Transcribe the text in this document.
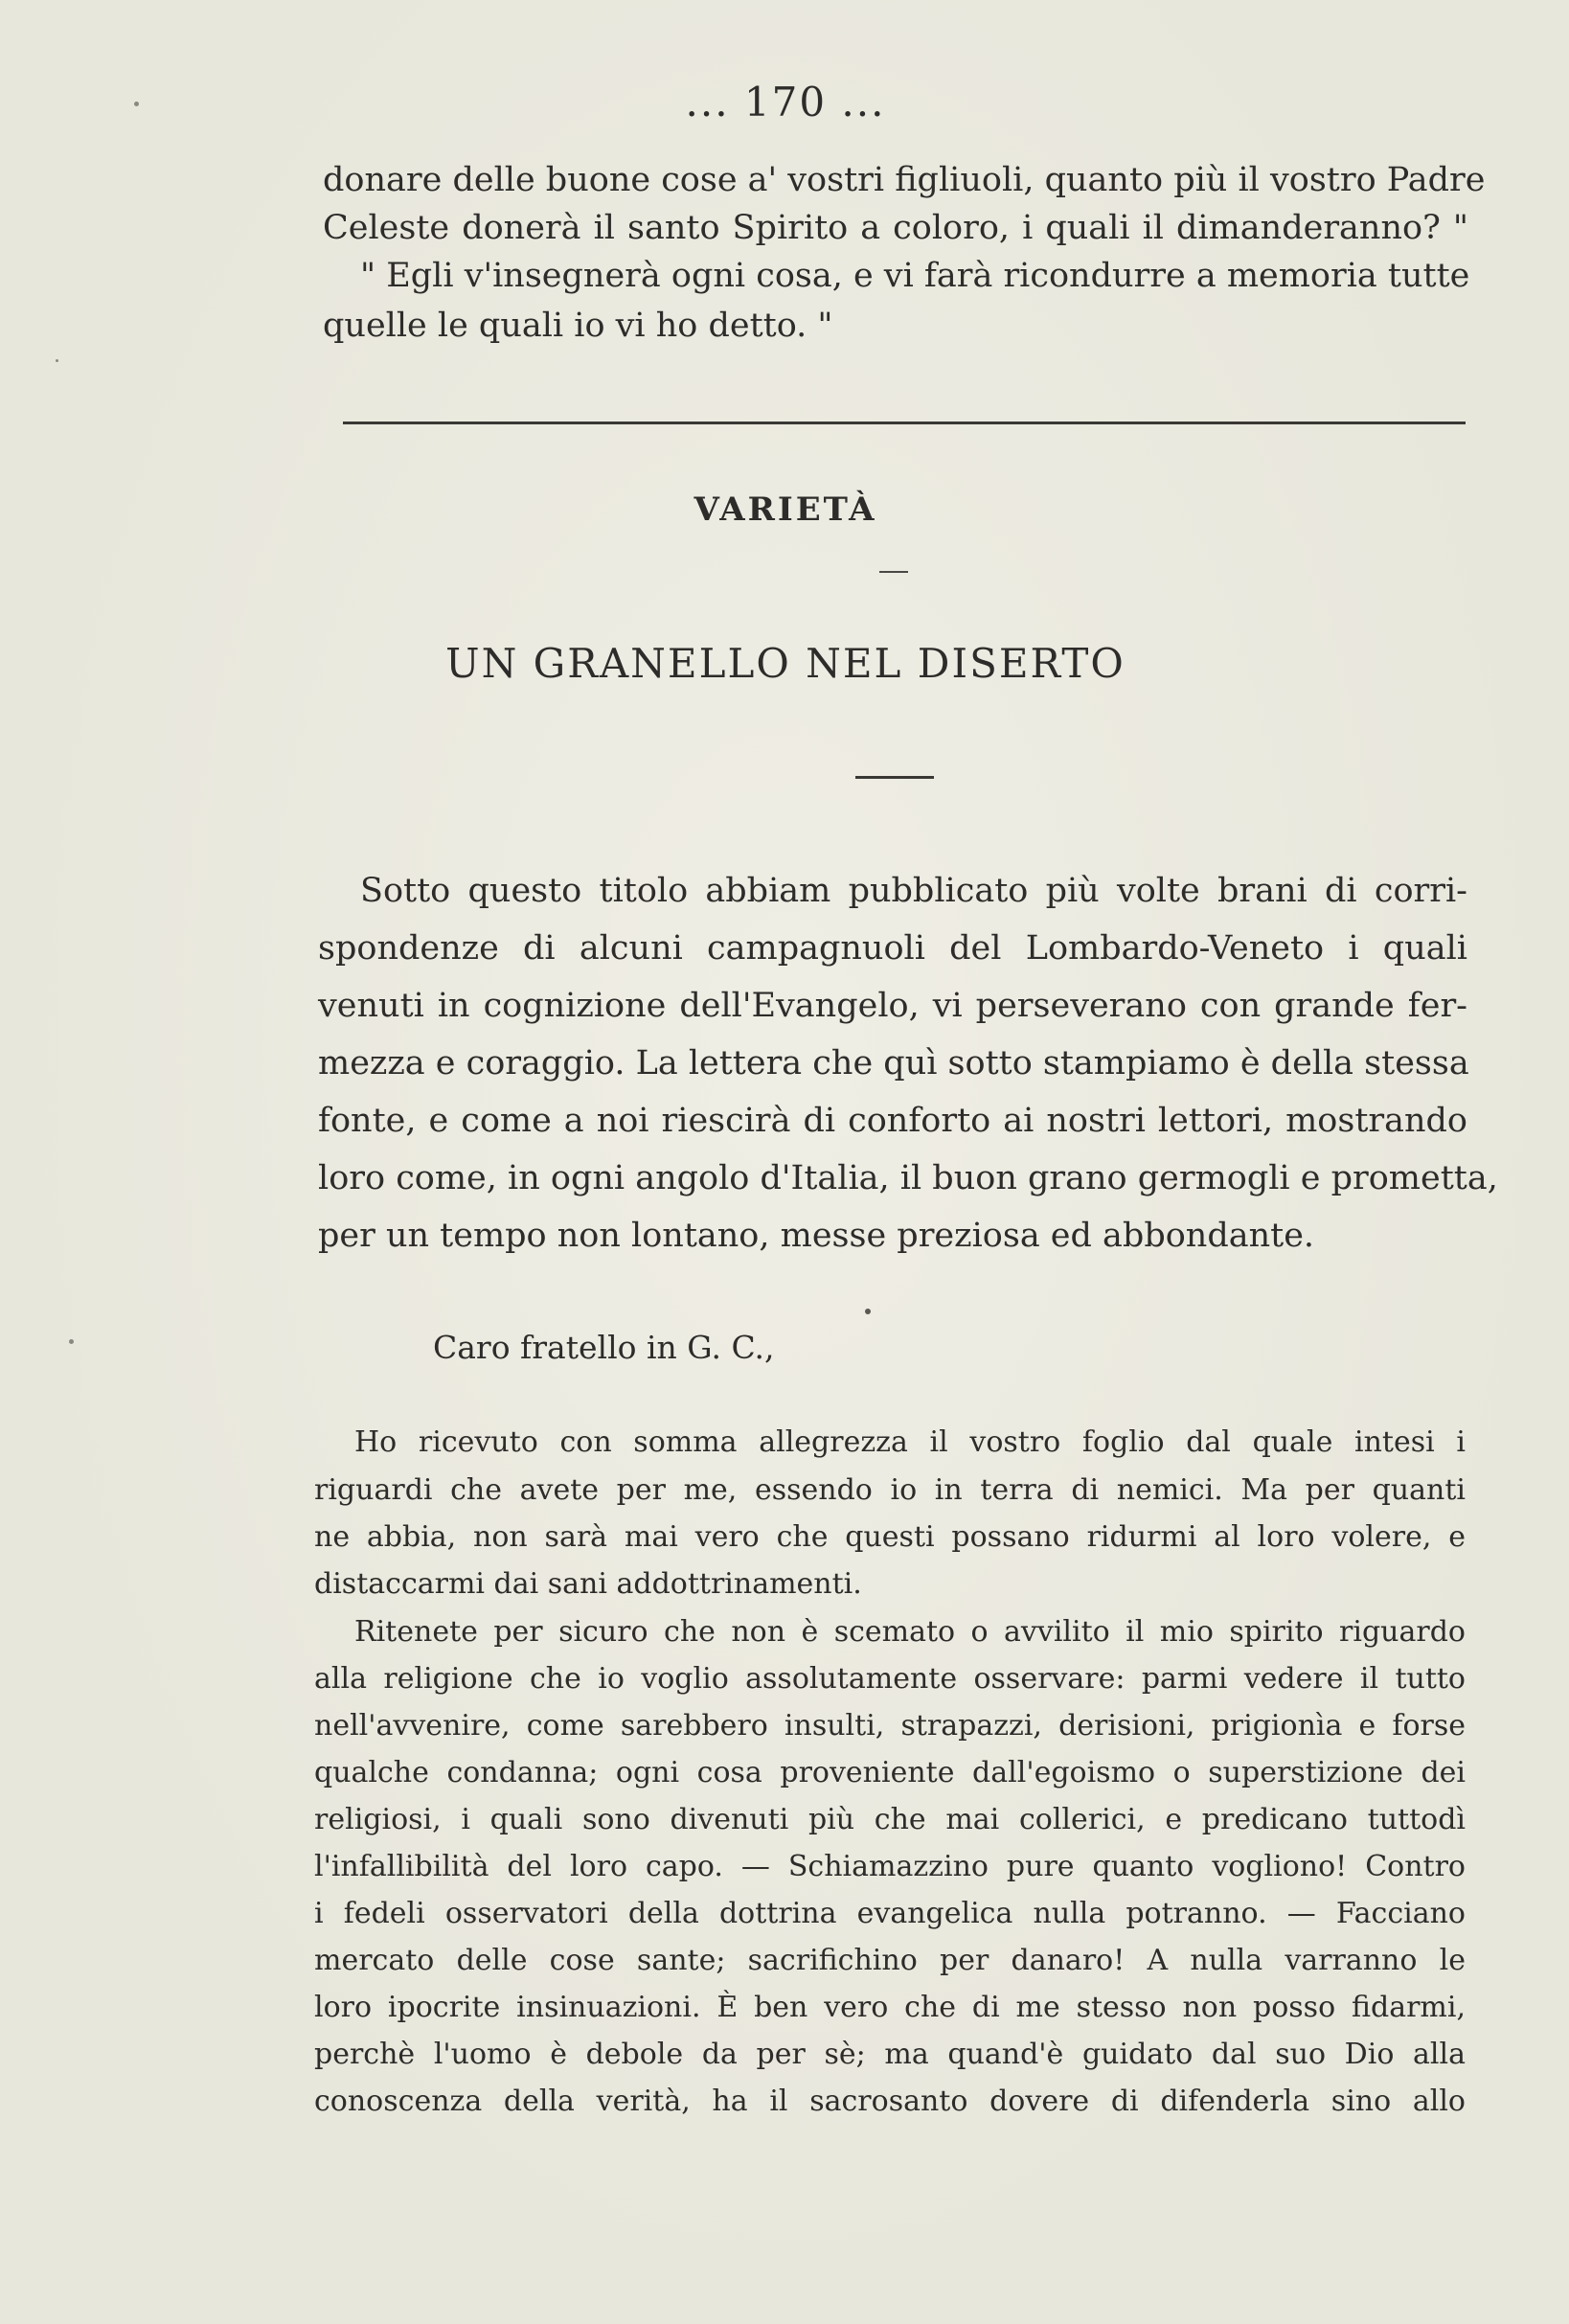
... 170 ...
donare delle buone cose a' vostri figliuoli, quanto più il vostro Padre
Celeste donerà il santo Spirito a coloro, i quali il dimanderanno? "
" Egli v'insegnerà ogni cosa, e vi farà ricondurre a memoria tutte
quelle le quali io vi ho detto. "
VARIETÀ
UN GRANELLO NEL DISERTO
Sotto questo titolo abbiam pubblicato più volte brani di corri-
spondenze di alcuni campagnuoli del Lombardo-Veneto i quali
venuti in cognizione dell'Evangelo, vi perseverano con grande fer-
mezza e coraggio. La lettera che quì sotto stampiamo è della stessa
fonte, e come a noi riescirà di conforto ai nostri lettori, mostrando
loro come, in ogni angolo d'Italia, il buon grano germogli e prometta,
per un tempo non lontano, messe preziosa ed abbondante.
Caro fratello in G. C.,
Ho ricevuto con somma allegrezza il vostro foglio dal quale intesi i
riguardi che avete per me, essendo io in terra di nemici. Ma per quanti
ne abbia, non sarà mai vero che questi possano ridurmi al loro volere, e
distaccarmi dai sani addottrinamenti.
Ritenete per sicuro che non è scemato o avvilito il mio spirito riguardo
alla religione che io voglio assolutamente osservare: parmi vedere il tutto
nell'avvenire, come sarebbero insulti, strapazzi, derisioni, prigionìa e forse
qualche condanna; ogni cosa proveniente dall'egoismo o superstizione dei
religiosi, i quali sono divenuti più che mai collerici, e predicano tuttodì
l'infallibilità del loro capo. — Schiamazzino pure quanto vogliono! Contro
i fedeli osservatori della dottrina evangelica nulla potranno. — Facciano
mercato delle cose sante; sacrifichino per danaro! A nulla varranno le
loro ipocrite insinuazioni. È ben vero che di me stesso non posso fidarmi,
perchè l'uomo è debole da per sè; ma quand'è guidato dal suo Dio alla
conoscenza della verità, ha il sacrosanto dovere di difenderla sino allo
